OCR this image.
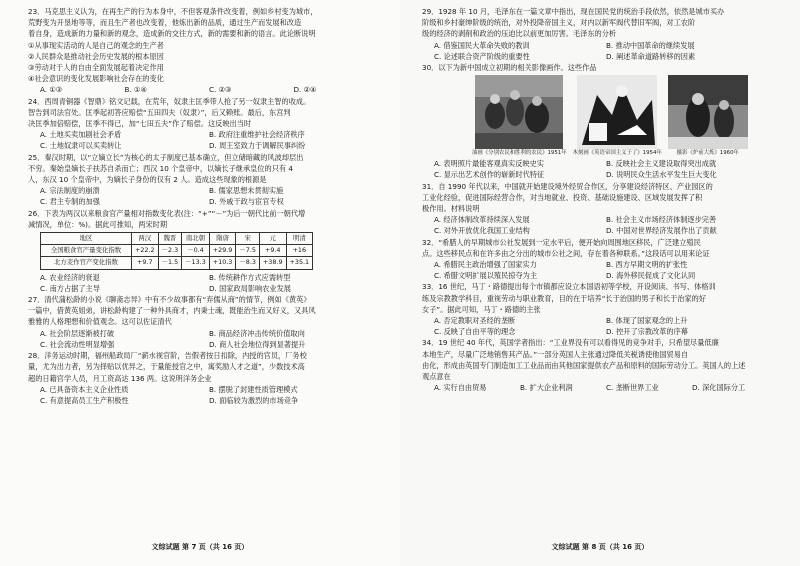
23．马克思主义认为，在再生产的行为本身中，不但客观条件改变着，例如乡村变为城市，

荒野变为开垦地等等，而且生产者也改变着，他炼出新的品质，通过生产而发展和改造

着自身，造成新的力量和新的观念，造成新的交往方式，新的需要和新的语言。此论断说明

①从事现实活动的人是自己的观念的生产者

②人民群众是推动社会历史发展的根本原因

③劳动对于人的自由全面发展起着决定作用

④社会意识的变化发展影响社会存在的变化

A. ①③	B. ①④	C. ②③	D. ②④

24．西周青铜器《智鼎》铭文记载，在荒年，奴隶主匡季带人抢了另一奴隶主智的收成。

智告到司法官处。匡季起初答应赔偿“五田四夫（奴隶）”，后又赖账。最后，东宫判

决匡季加倍赔偿，匡季不得已，加“七田五夫”作了赔偿。这反映出当时

A. 土地买卖加剧社会矛盾	B. 政府注重维护社会经济秩序
C. 土地奴隶可以买卖转让	D. 周王室致力于调解民事纠纷

25．秦汉时期，以“立嫡立长”为核心的太子制度已基本确立，但立储暗藏的风波却层出

不穷。秦始皇嫡长子扶苏自杀而亡；西汉 10 个皇帝中，以嫡长子继承皇位的只有 4

人，东汉 10 个皇帝中，为嫡长子身份的仅有 2 人。造成这些现象的根源是

A. 宗法制度的崩溃	B. 儒家思想未贯彻实施
C. 君主专制的加强	D. 外戚干政与宦官专权

26．下表为两汉以来粮食官产量相对指数变化表(注：“+”“－”为后一朝代比前一朝代增

减情况，单位：%)。据此可推知，两宋时期

地区	两汉	魏晋	南北朝	隋唐	宋	元	明清
全国粮食官产量变化指数	+22.2	－2.3	－0.4	+29.9	－7.5	+9.4	+16
北方麦作官产变化指数	+9.7	－1.5	－13.3	+10.3	－8.3	+38.9	+35.1
A. 农业经济的衰退	B. 传统耕作方式应需转型
C. 南方占据了主导	D. 国家政局影响农业发展

27．清代蒲松龄的小说《聊斋志异》中有不少故事都有“弃儒从商”的情节，例如《黄英》

一篇中，借黄英姐弟，讲松龄构建了一种外具商才，内秉士魂，既能治生而又好义，又具风

雅雅的人格理想和价值观念。这可以佐证清代

A. 社会阶层逐渐被打破	B. 商品经济冲击传统价值取向
C. 社会流动性明显增强	D. 商人社会地位得到显著提升

28．洋务运动时期，福州船政局厂“薪水视官阶，告假者按日扣除，内授的官员，厂务校

量，尤为出力者，另为择贴以优异之，于量能授官之中，寓奖励人才之道”，少数技术高

超的日籍官学人员，月工资高达 136 两。这说明洋务企业

A. 已具备资本主义企业性质	B. 摆脱了封建性质管理模式
C. 有意提高员工生产积极性	D. 面临较为激烈的市场竞争
文综试题 第 7 页（共 16 页）

29．1928 年 10 月，毛泽东在一篇文章中指出，现在国民党的统治手段依然，依然是城市买办

阶级和乡村豪绅阶级的统治，对外投降帝国主义，对内以新军阀代替旧军阀，对工农阶

级的经济的剥削和政治的压迫比以前更加厉害。毛泽东的分析

A. 借鉴国民大革命失败的教训	B. 推动中国革命的继续发展
C. 论述联合资产阶级的重要性	D. 阐述革命道路转移的因素

30．以下为新中国成立初期的相关影像画作。这些作品

油画《分别农民和胜利的农民》1951年 木刻画《英语帝国主义于了》1954年	摄影《炉前大炼》1960年
A. 表明照片最能客观真实反映史实	B. 反映社会主义建设取得突出成就
C. 显示出艺术创作的崭新时代特征	D. 说明民众生活水平发生巨大变化

31．自 1990 年代以来，中国就开始建设境外经贸合作区，分享建设经济特区、产业园区的

工业化经验，促进国际经营合作，对当地就业、投资、基础设施建设、区域发展发挥了积

极作用。材料说明

A. 经济体制改革持续深入发展	B. 社会主义市场经济体制逐步完善
C. 对外开放优化我国工业结构	D. 中国对世界经济发展作出了贡献

32．“希腊人的早期城市公社发展到一定水平后，便开始向周围地区移民，广泛建立殖民

点。这些移民点和在许多由之分出的城市公社之间，存在着各种联系。”这段话可以用来论证

A. 希腊民主政治增强了国家实力	B. 西方早期文明的扩张性
C. 希腊文明扩展以殖民掠夺为主	D. 海外移民促成了文化认同

33．16 世纪，马丁・路德提出每个市镇都应设立本国语初等学校，开设阅读、书写、体格训

练及宗教教学科目，重视劳动与职业教育，目的在于培养“长于治国的男子和长于治家的好

女子”。据此可知，马丁・路德的主张

A. 否定教职对圣经的垄断	B. 体现了国家观念的上升
C. 反映了自由平等的理念	D. 控开了宗教改革的序幕

34．19 世纪 40 年代，英国学者指出：“工业界没有可以看得见的竞争对手，只希望尽量低廉

本地生产，尽量广泛地销售其产品。”一部分英国人主张通过降低关税诱使他国贸易自

由化，形成由英国专门制造加工工业品而由其他国家提供农产品和原料的国际劳动分工。英国人的上述

观点意在

A. 实行自由贸易	B. 扩大企业利润	C. 垄断世界工业	D. 深化国际分工
文综试题 第 8 页（共 16 页）
